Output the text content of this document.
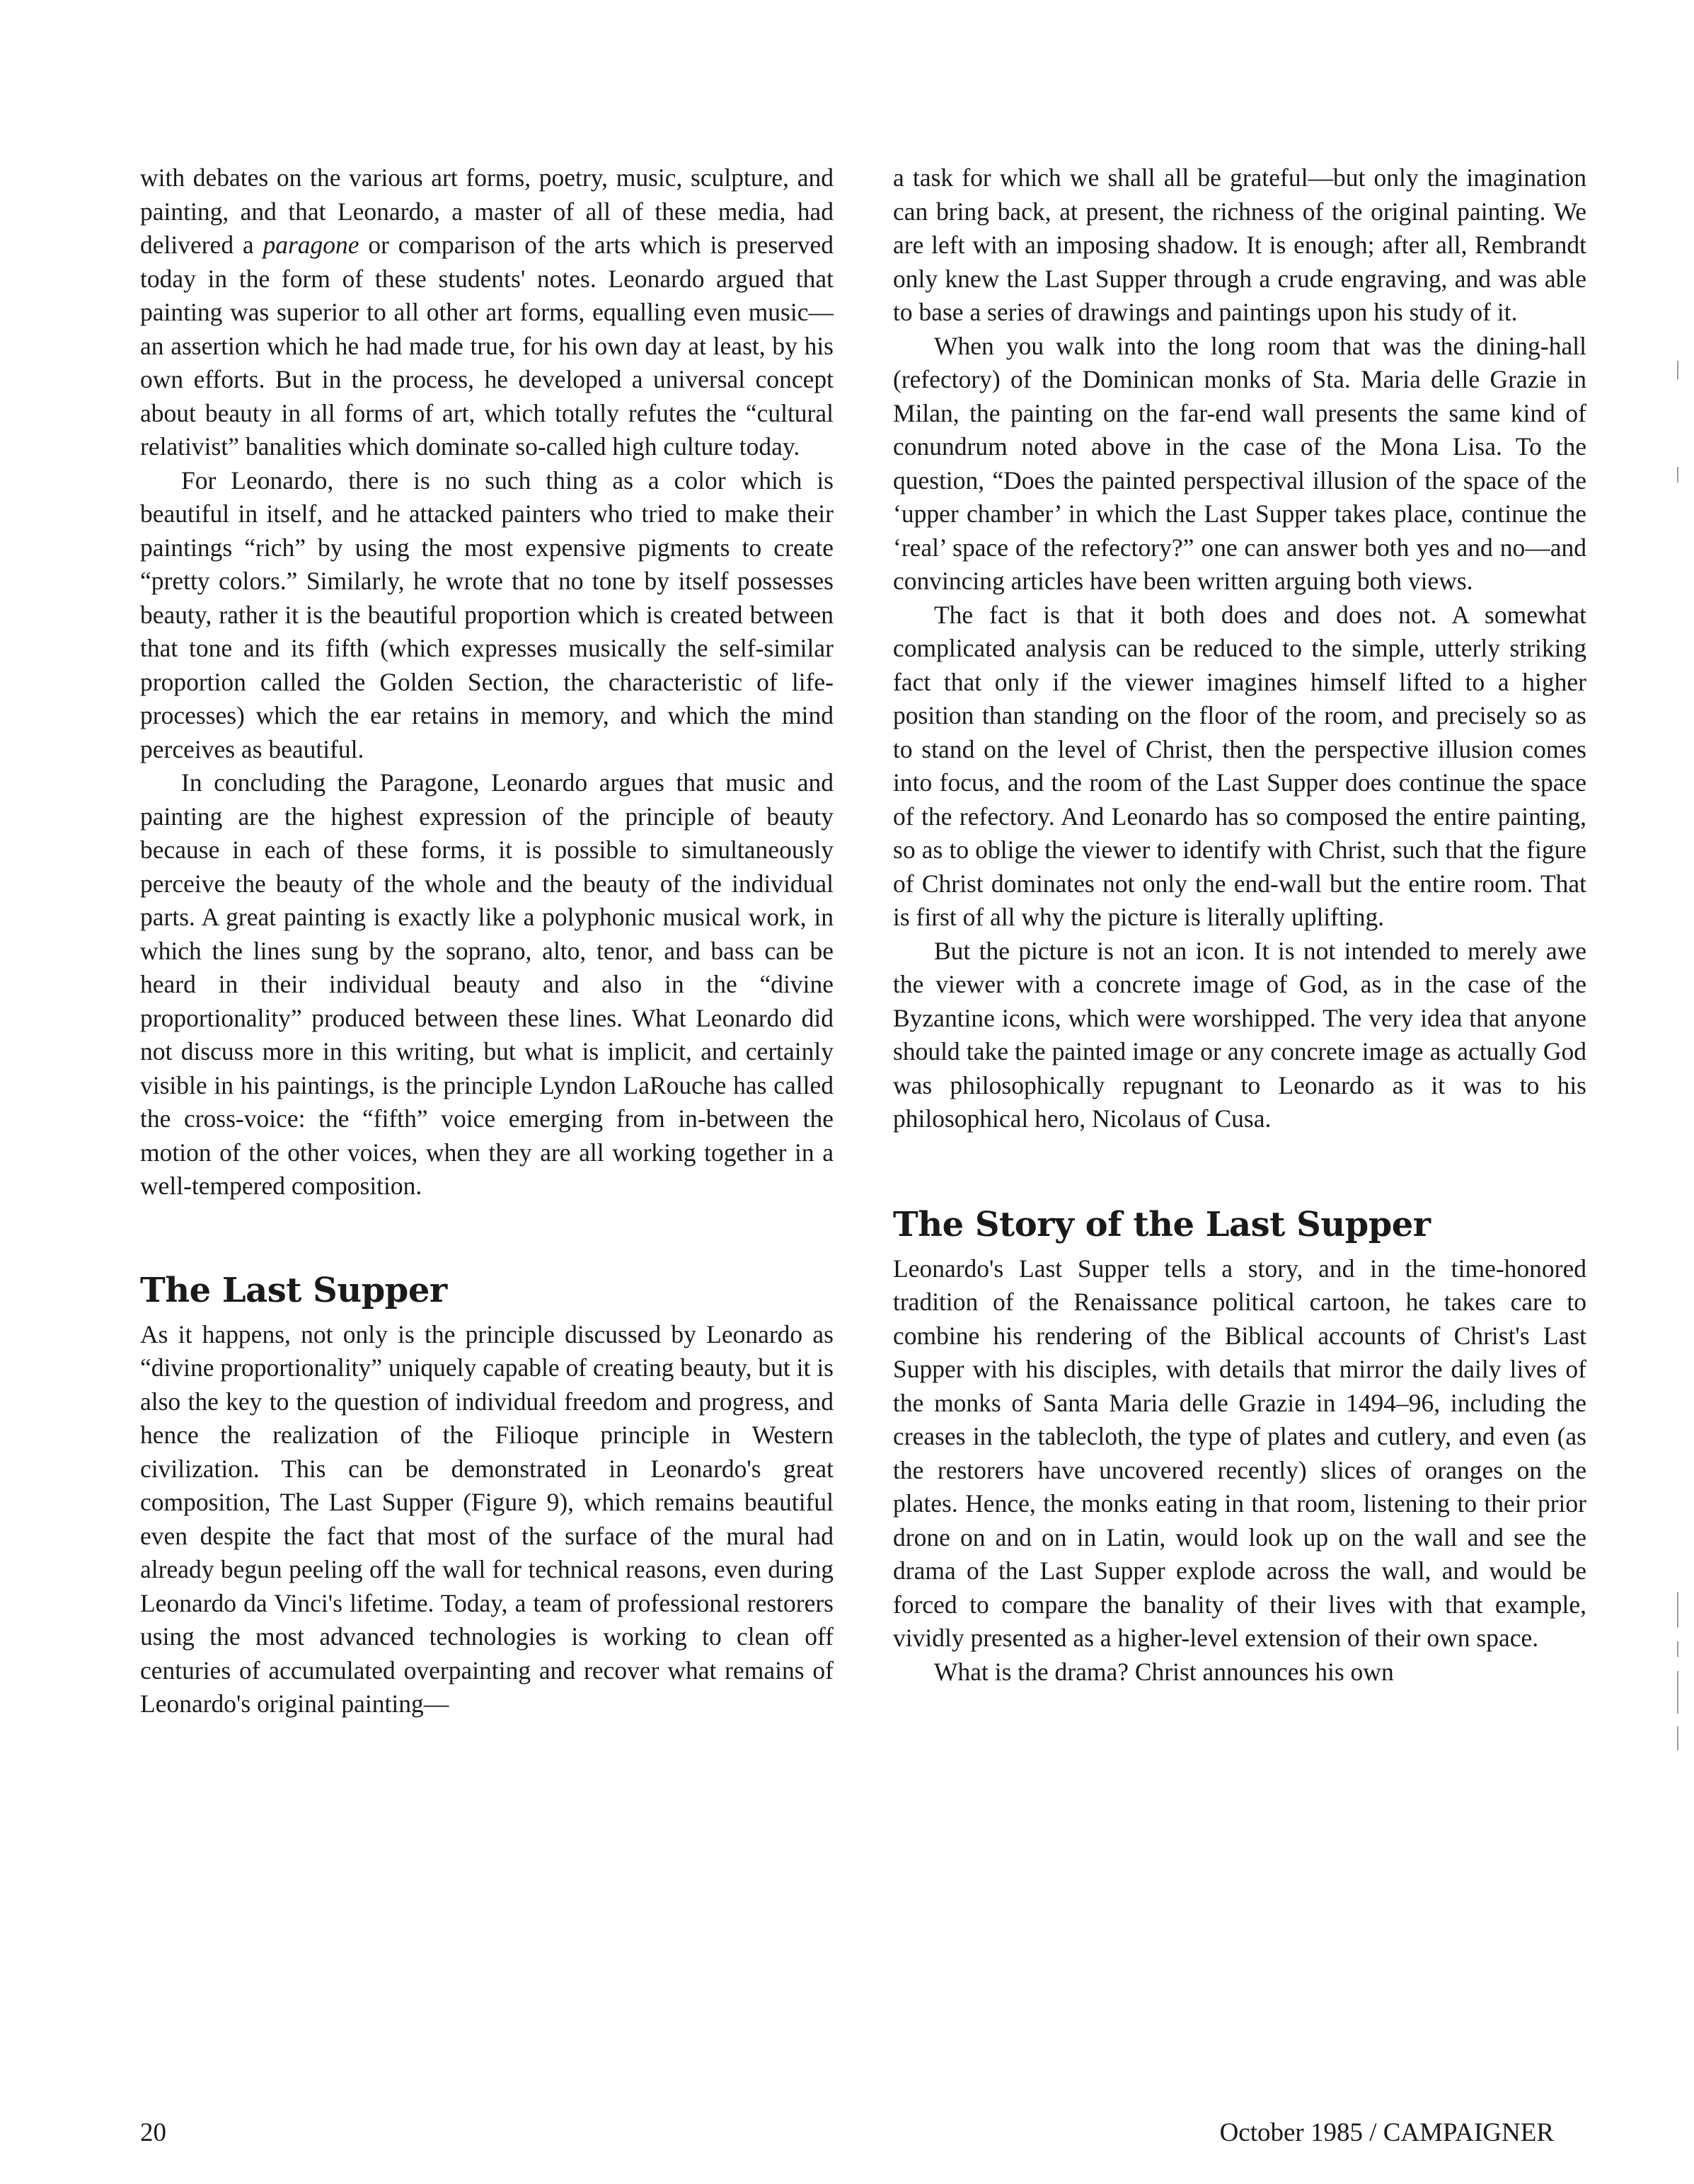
with debates on the various art forms, poetry, music, sculpture, and painting, and that Leonardo, a master of all of these media, had delivered a paragone or comparison of the arts which is preserved today in the form of these students' notes. Leonardo argued that painting was superior to all other art forms, equalling even music—an assertion which he had made true, for his own day at least, by his own efforts. But in the process, he developed a universal concept about beauty in all forms of art, which totally refutes the “cultural relativist” banalities which dominate so-called high culture today.

For Leonardo, there is no such thing as a color which is beautiful in itself, and he attacked painters who tried to make their paintings “rich” by using the most expensive pigments to create “pretty colors.” Similarly, he wrote that no tone by itself possesses beauty, rather it is the beautiful proportion which is created between that tone and its fifth (which expresses musically the self-similar proportion called the Golden Section, the characteristic of life-processes) which the ear retains in memory, and which the mind perceives as beautiful.

In concluding the Paragone, Leonardo argues that music and painting are the highest expression of the principle of beauty because in each of these forms, it is possible to simultaneously perceive the beauty of the whole and the beauty of the individual parts. A great painting is exactly like a polyphonic musical work, in which the lines sung by the soprano, alto, tenor, and bass can be heard in their individual beauty and also in the “divine proportionality” produced between these lines. What Leonardo did not discuss more in this writing, but what is implicit, and certainly visible in his paintings, is the principle Lyndon LaRouche has called the cross-voice: the “fifth” voice emerging from in-between the motion of the other voices, when they are all working together in a well-tempered composition.

The Last Supper

As it happens, not only is the principle discussed by Leonardo as “divine proportionality” uniquely capable of creating beauty, but it is also the key to the question of individual freedom and progress, and hence the realization of the Filioque principle in Western civilization. This can be demonstrated in Leonardo's great composition, The Last Supper (Figure 9), which remains beautiful even despite the fact that most of the surface of the mural had already begun peeling off the wall for technical reasons, even during Leonardo da Vinci's lifetime. Today, a team of professional restorers using the most advanced technologies is working to clean off centuries of accumulated overpainting and recover what remains of Leonardo's original painting—

a task for which we shall all be grateful—but only the imagination can bring back, at present, the richness of the original painting. We are left with an imposing shadow. It is enough; after all, Rembrandt only knew the Last Supper through a crude engraving, and was able to base a series of drawings and paintings upon his study of it.

When you walk into the long room that was the dining-hall (refectory) of the Dominican monks of Sta. Maria delle Grazie in Milan, the painting on the far-end wall presents the same kind of conundrum noted above in the case of the Mona Lisa. To the question, “Does the painted perspectival illusion of the space of the ‘upper chamber’ in which the Last Supper takes place, continue the ‘real’ space of the refectory?” one can answer both yes and no—and convincing articles have been written arguing both views.

The fact is that it both does and does not. A somewhat complicated analysis can be reduced to the simple, utterly striking fact that only if the viewer imagines himself lifted to a higher position than standing on the floor of the room, and precisely so as to stand on the level of Christ, then the perspective illusion comes into focus, and the room of the Last Supper does continue the space of the refectory. And Leonardo has so composed the entire painting, so as to oblige the viewer to identify with Christ, such that the figure of Christ dominates not only the end-wall but the entire room. That is first of all why the picture is literally uplifting.

But the picture is not an icon. It is not intended to merely awe the viewer with a concrete image of God, as in the case of the Byzantine icons, which were worshipped. The very idea that anyone should take the painted image or any concrete image as actually God was philosophically repugnant to Leonardo as it was to his philosophical hero, Nicolaus of Cusa.

The Story of the Last Supper

Leonardo's Last Supper tells a story, and in the time-honored tradition of the Renaissance political cartoon, he takes care to combine his rendering of the Biblical accounts of Christ's Last Supper with his disciples, with details that mirror the daily lives of the monks of Santa Maria delle Grazie in 1494–96, including the creases in the tablecloth, the type of plates and cutlery, and even (as the restorers have uncovered recently) slices of oranges on the plates. Hence, the monks eating in that room, listening to their prior drone on and on in Latin, would look up on the wall and see the drama of the Last Supper explode across the wall, and would be forced to compare the banality of their lives with that example, vividly presented as a higher-level extension of their own space.

What is the drama? Christ announces his own

20	October 1985 / CAMPAIGNER
